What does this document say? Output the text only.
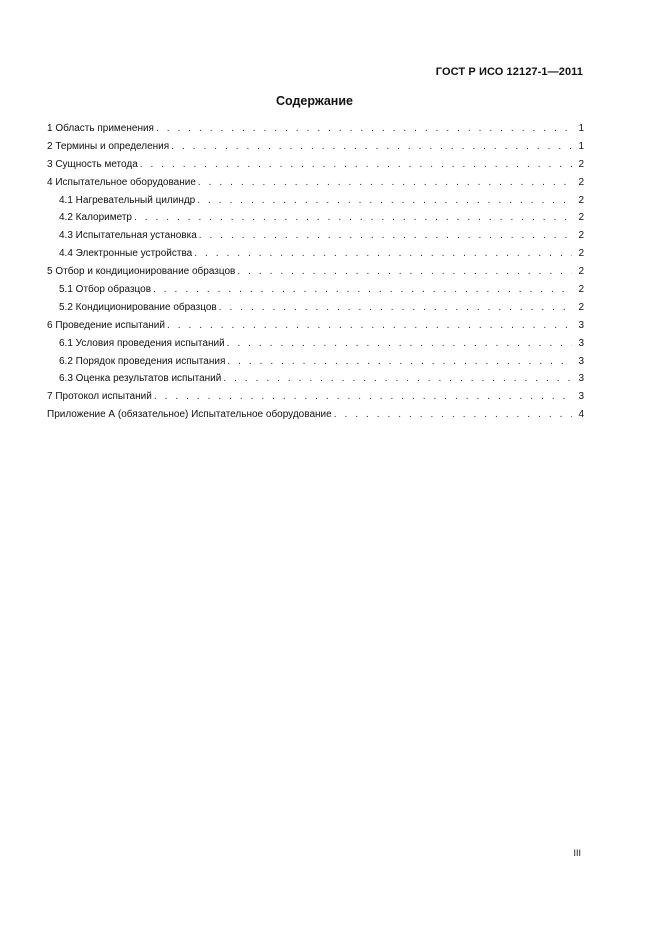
ГОСТ Р ИСО 12127-1—2011
Содержание
1 Область применения . . .	1
2 Термины и определения . . .	1
3 Сущность метода . . .	2
4 Испытательное оборудование . . .	2
4.1 Нагревательный цилиндр . . .	2
4.2 Калориметр . . .	2
4.3 Испытательная установка . . .	2
4.4 Электронные устройства . . .	2
5 Отбор и кондиционирование образцов . . .	2
5.1 Отбор образцов . . .	2
5.2 Кондиционирование образцов . . .	2
6 Проведение испытаний . . .	3
6.1 Условия проведения испытаний . . .	3
6.2 Порядок проведения испытания . . .	3
6.3 Оценка результатов испытаний . . .	3
7 Протокол испытаний . . .	3
Приложение А (обязательное) Испытательное оборудование . . .	4
III
